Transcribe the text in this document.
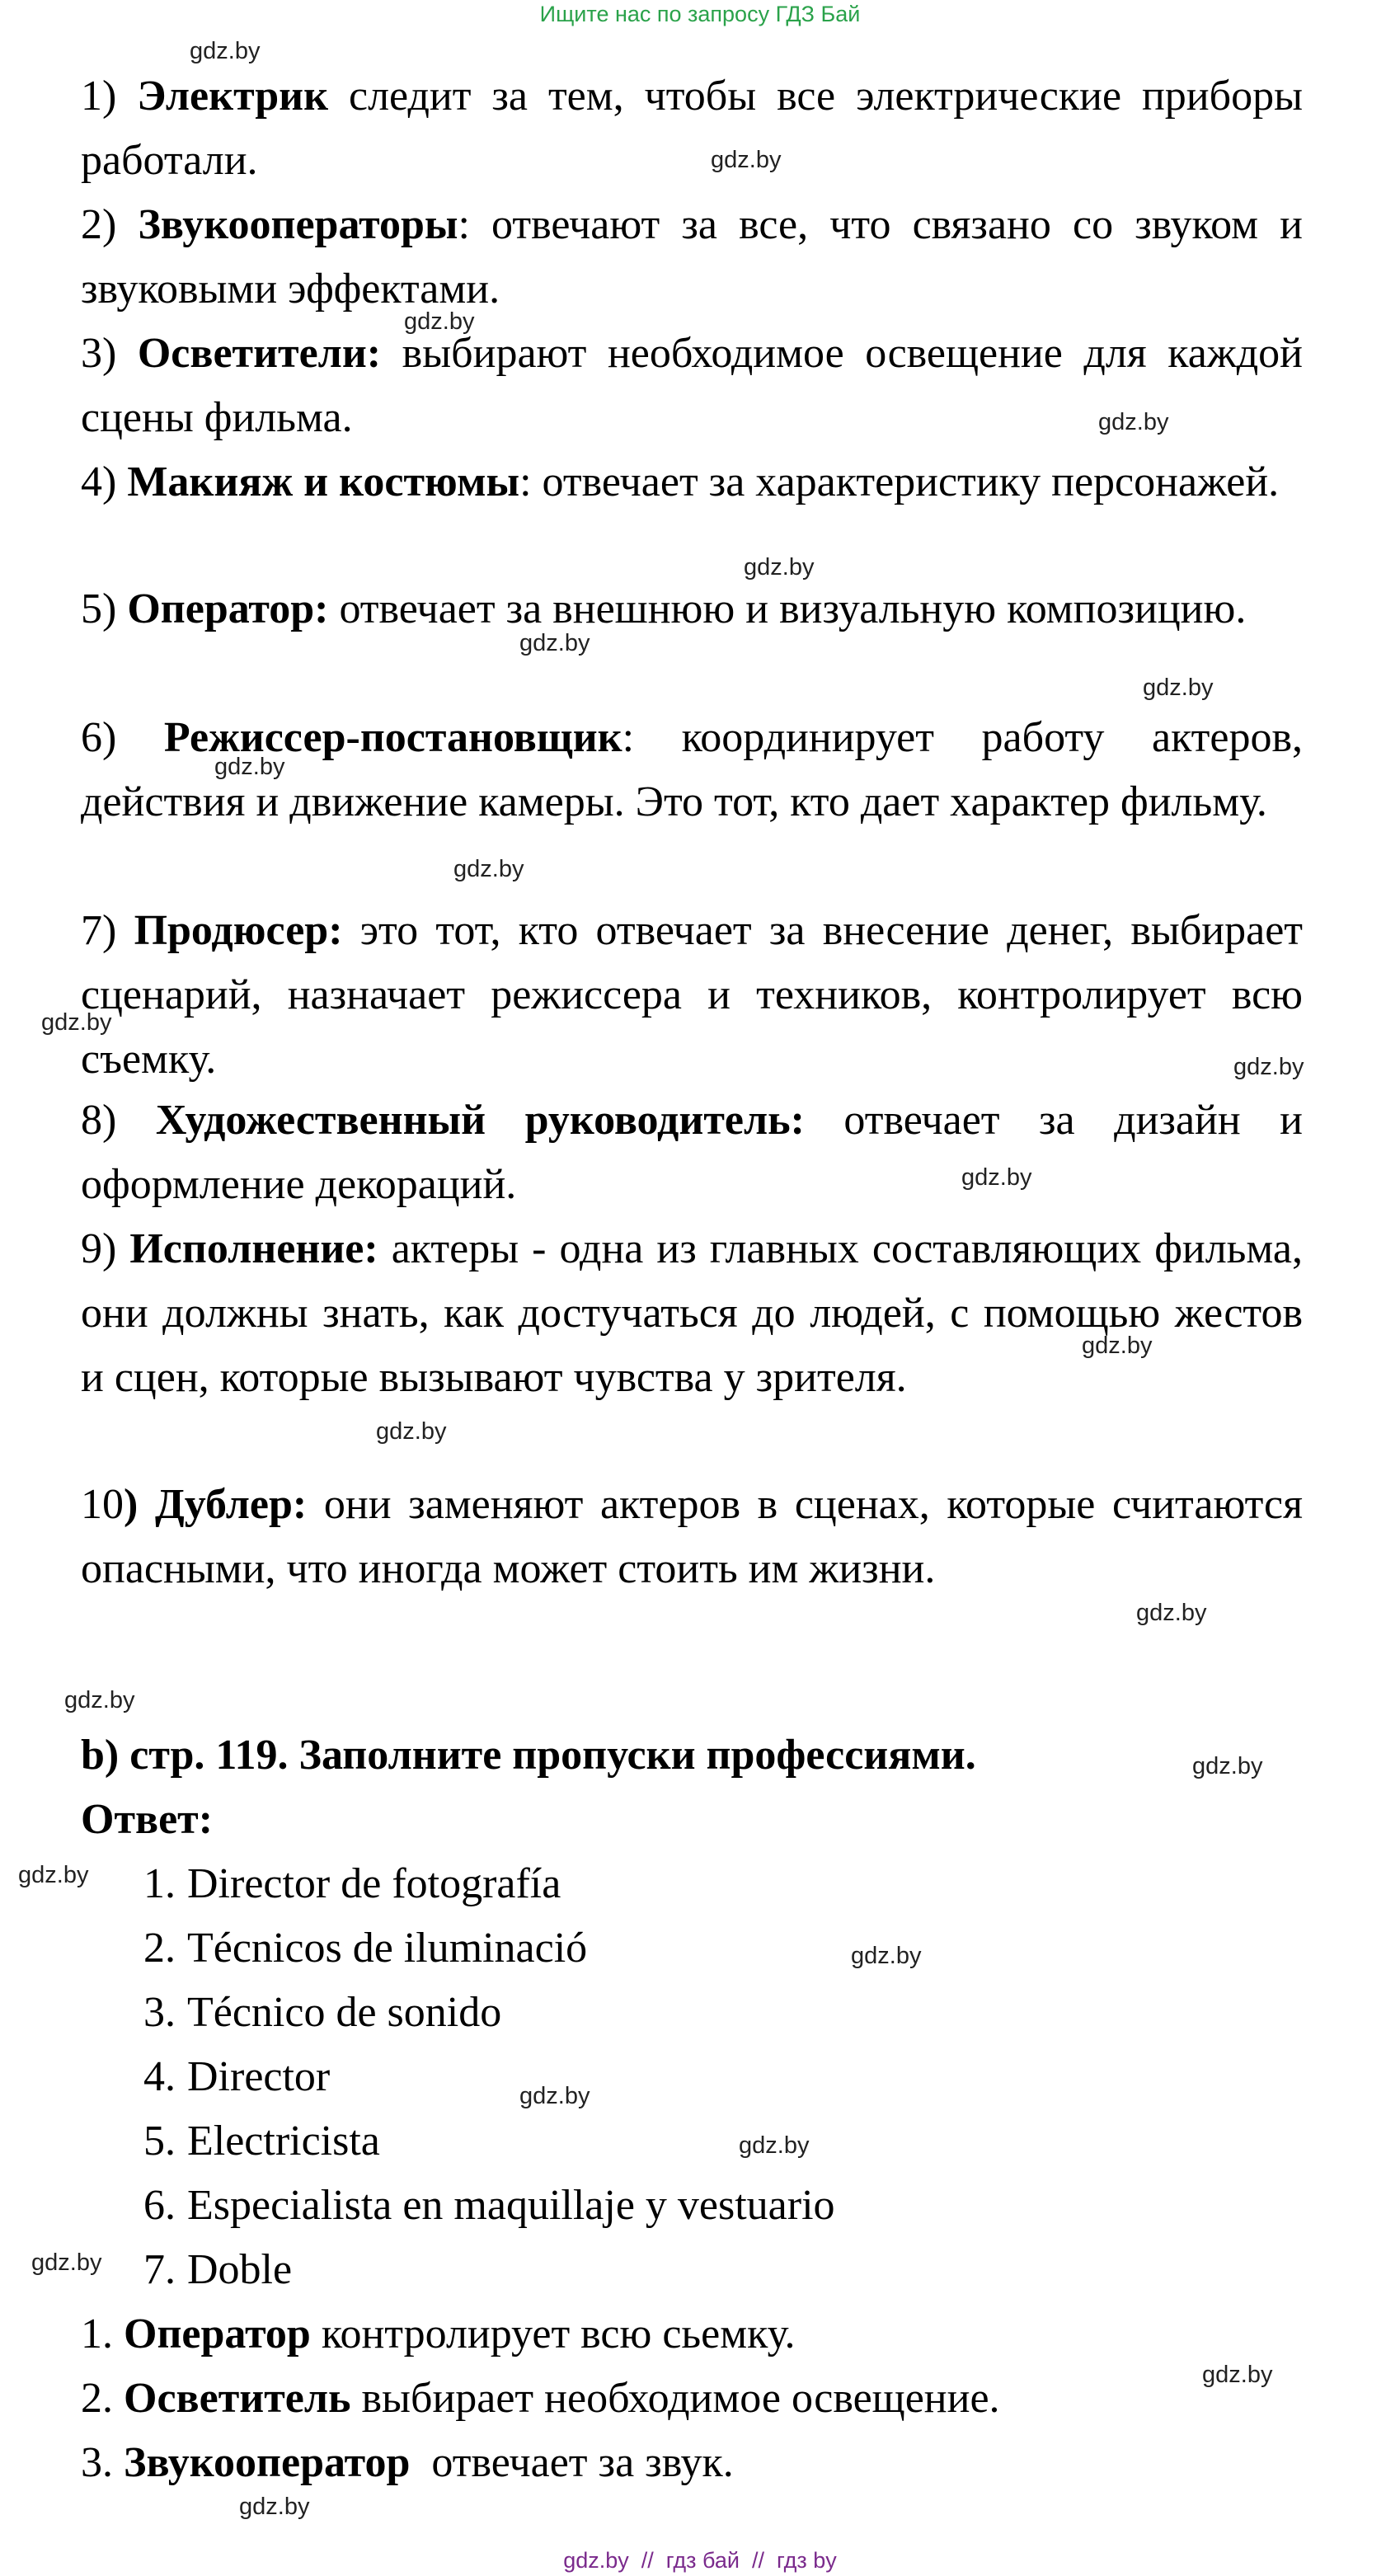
Ищите нас по запросу ГДЗ Бай
1) Электрик следит за тем, чтобы все электрические приборы работали.
2) Звукооператоры: отвечают за все, что связано со звуком и звуковыми эффектами.
3) Осветители: выбирают необходимое освещение для каждой сцены фильма.
4) Макияж и костюмы: отвечает за характеристику персонажей.
5) Оператор: отвечает за внешнюю и визуальную композицию.
6) Режиссер-постановщик: координирует работу актеров, действия и движение камеры. Это тот, кто дает характер фильму.
7) Продюсер: это тот, кто отвечает за внесение денег, выбирает сценарий, назначает режиссера и техников, контролирует всю съемку.
8) Художественный руководитель: отвечает за дизайн и оформление декораций.
9) Исполнение: актеры - одна из главных составляющих фильма, они должны знать, как достучаться до людей, с помощью жестов и сцен, которые вызывают чувства у зрителя.
10) Дублер: они заменяют актеров в сценах, которые считаются опасными, что иногда может стоить им жизни.
b) стр. 119. Заполните пропуски профессиями.
Ответ:
1. Director de fotografía
2. Técnicos de iluminació
3. Técnico de sonido
4. Director
5. Electricista
6. Especialista en maquillaje y vestuario
7. Doble
1. Оператор контролирует всю сьемку.
2. Осветитель выбирает необходимое освещение.
3. Звукооператор  отвечает за звук.
gdz.by
gdz.by
gdz.by
gdz.by
gdz.by
gdz.by
gdz.by
gdz.by
gdz.by
gdz.by
gdz.by
gdz.by
gdz.by
gdz.by
gdz.by
gdz.by
gdz.by
gdz.by
gdz.by
gdz.by
gdz.by
gdz.by
gdz.by
gdz.by
gdz.by  //  гдз бай  //  гдз by
